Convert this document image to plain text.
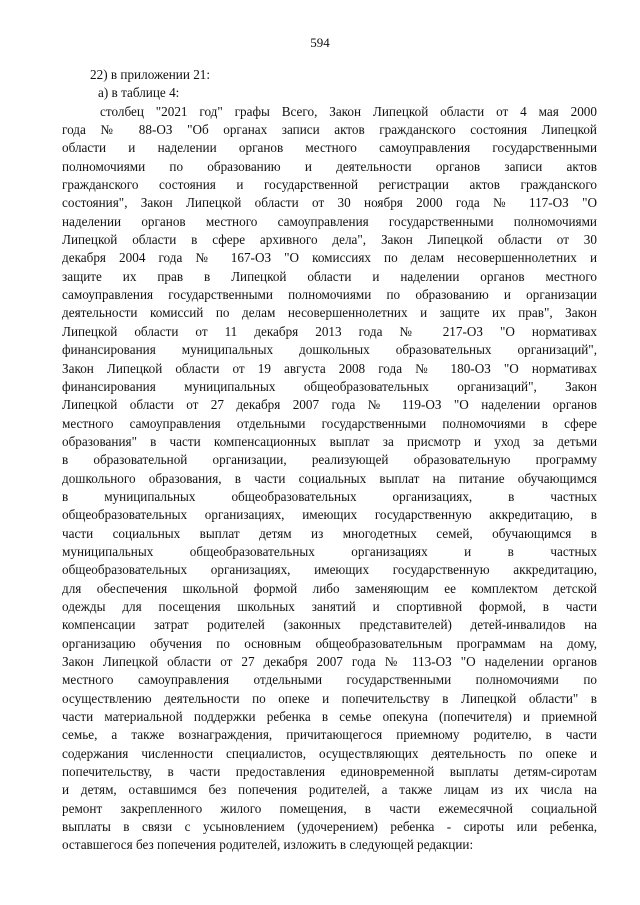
594
22) в приложении 21:
а) в таблице 4:
столбец "2021 год" графы Всего, Закон Липецкой области от 4 мая 2000
года № 88-ОЗ "Об органах записи актов гражданского состояния Липецкой
области и наделении органов местного самоуправления государственными
полномочиями по образованию и деятельности органов записи актов
гражданского состояния и государственной регистрации актов гражданского
состояния", Закон Липецкой области от 30 ноября 2000 года № 117-ОЗ "О
наделении органов местного самоуправления государственными полномочиями
Липецкой области в сфере архивного дела", Закон Липецкой области от 30
декабря 2004 года № 167-ОЗ "О комиссиях по делам несовершеннолетних и
защите их прав в Липецкой области и наделении органов местного
самоуправления государственными полномочиями по образованию и организации
деятельности комиссий по делам несовершеннолетних и защите их прав", Закон
Липецкой области от 11 декабря 2013 года № 217-ОЗ "О нормативах
финансирования муниципальных дошкольных образовательных организаций",
Закон Липецкой области от 19 августа 2008 года № 180-ОЗ "О нормативах
финансирования муниципальных общеобразовательных организаций", Закон
Липецкой области от 27 декабря 2007 года № 119-ОЗ "О наделении органов
местного самоуправления отдельными государственными полномочиями в сфере
образования" в части компенсационных выплат за присмотр и уход за детьми
в образовательной организации, реализующей образовательную программу
дошкольного образования, в части социальных выплат на питание обучающимся
в муниципальных общеобразовательных организациях, в частных
общеобразовательных организациях, имеющих государственную аккредитацию, в
части социальных выплат детям из многодетных семей, обучающимся в
муниципальных общеобразовательных организациях и в частных
общеобразовательных организациях, имеющих государственную аккредитацию,
для обеспечения школьной формой либо заменяющим ее комплектом детской
одежды для посещения школьных занятий и спортивной формой, в части
компенсации затрат родителей (законных представителей) детей-инвалидов на
организацию обучения по основным общеобразовательным программам на дому,
Закон Липецкой области от 27 декабря 2007 года № 113-ОЗ "О наделении органов
местного самоуправления отдельными государственными полномочиями по
осуществлению деятельности по опеке и попечительству в Липецкой области" в
части материальной поддержки ребенка в семье опекуна (попечителя) и приемной
семье, а также вознаграждения, причитающегося приемному родителю, в части
содержания численности специалистов, осуществляющих деятельность по опеке и
попечительству, в части предоставления единовременной выплаты детям-сиротам
и детям, оставшимся без попечения родителей, а также лицам из их числа на
ремонт закрепленного жилого помещения, в части ежемесячной социальной
выплаты в связи с усыновлением (удочерением) ребенка - сироты или ребенка,
оставшегося без попечения родителей, изложить в следующей редакции:
